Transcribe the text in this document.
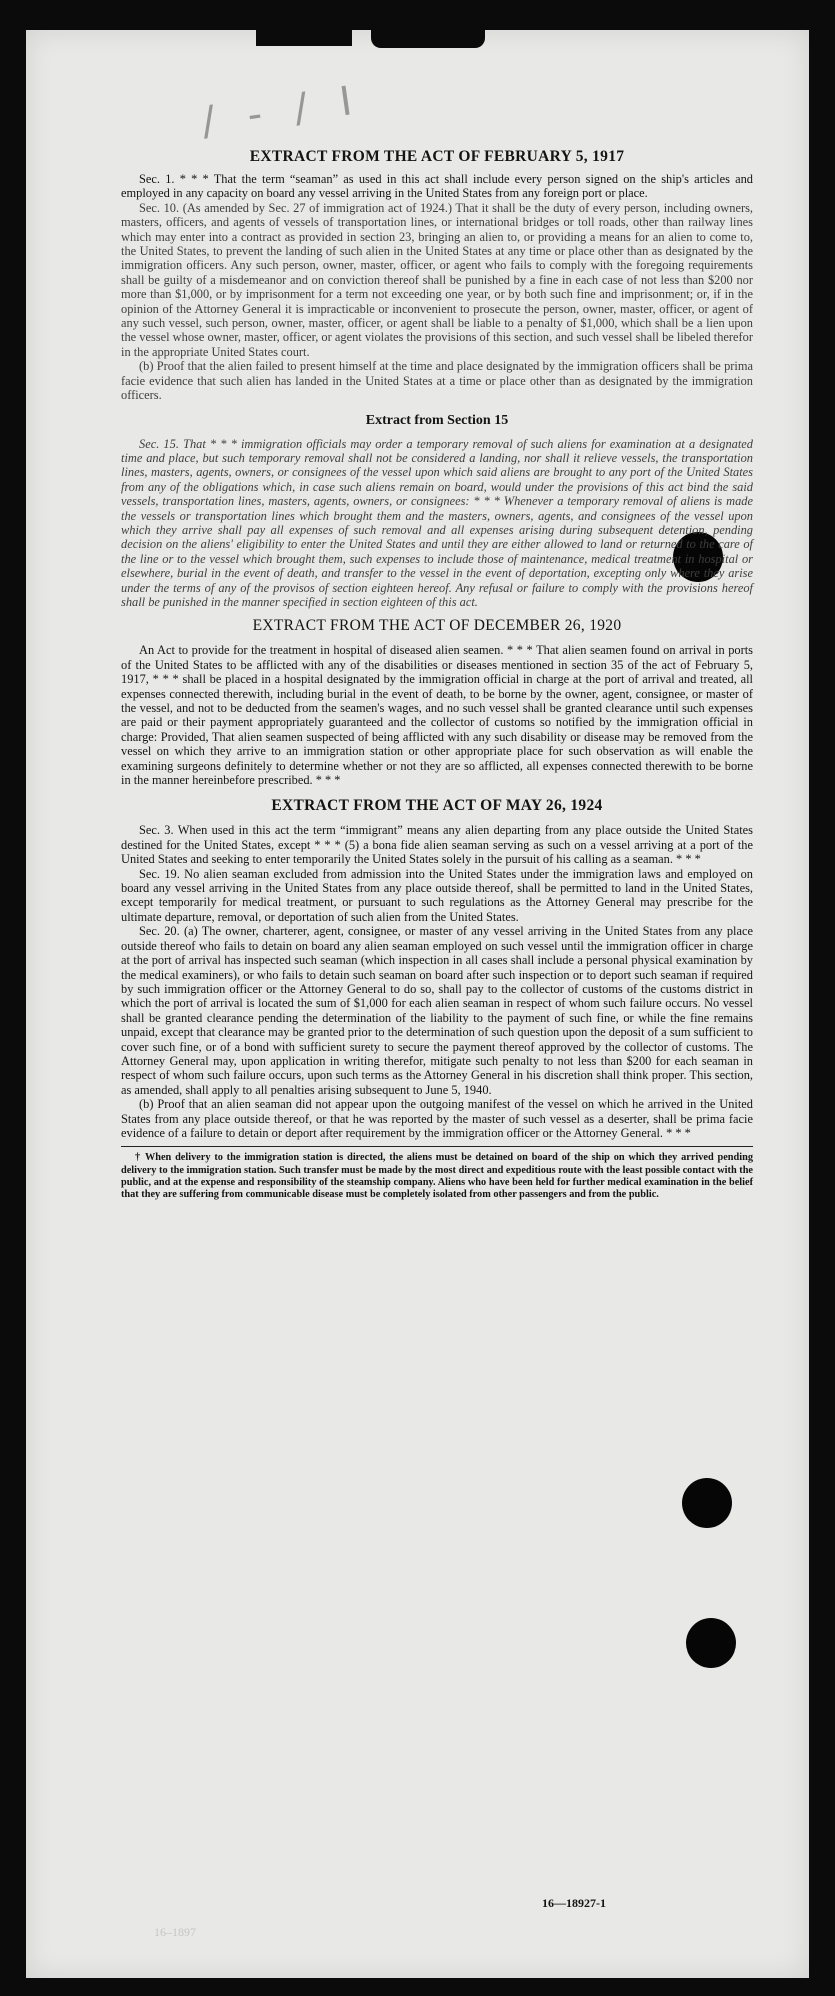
/ - / I
EXTRACT FROM THE ACT OF FEBRUARY 5, 1917

Sec. 1. * * * That the term “seaman” as used in this act shall include every person signed on the ship's articles and employed in any capacity on board any vessel arriving in the United States from any foreign port or place.

Sec. 10. (As amended by Sec. 27 of immigration act of 1924.) That it shall be the duty of every person, including owners, masters, officers, and agents of vessels of transportation lines, or international bridges or toll roads, other than railway lines which may enter into a contract as provided in section 23, bringing an alien to, or providing a means for an alien to come to, the United States, to prevent the landing of such alien in the United States at any time or place other than as designated by the immigration officers. Any such person, owner, master, officer, or agent who fails to comply with the foregoing requirements shall be guilty of a misdemeanor and on conviction thereof shall be punished by a fine in each case of not less than $200 nor more than $1,000, or by imprisonment for a term not exceeding one year, or by both such fine and imprisonment; or, if in the opinion of the Attorney General it is impracticable or inconvenient to prosecute the person, owner, master, officer, or agent of any such vessel, such person, owner, master, officer, or agent shall be liable to a penalty of $1,000, which shall be a lien upon the vessel whose owner, master, officer, or agent violates the provisions of this section, and such vessel shall be libeled therefor in the appropriate United States court.

(b) Proof that the alien failed to present himself at the time and place designated by the immigration officers shall be prima facie evidence that such alien has landed in the United States at a time or place other than as designated by the immigration officers.

Extract from Section 15

Sec. 15. That * * * immigration officials may order a temporary removal of such aliens for examination at a designated time and place, but such temporary removal shall not be considered a landing, nor shall it relieve vessels, the transportation lines, masters, agents, owners, or consignees of the vessel upon which said aliens are brought to any port of the United States from any of the obligations which, in case such aliens remain on board, would under the provisions of this act bind the said vessels, transportation lines, masters, agents, owners, or consignees: * * * Whenever a temporary removal of aliens is made the vessels or transportation lines which brought them and the masters, owners, agents, and consignees of the vessel upon which they arrive shall pay all expenses of such removal and all expenses arising during subsequent detention, pending decision on the aliens' eligibility to enter the United States and until they are either allowed to land or returned to the care of the line or to the vessel which brought them, such expenses to include those of maintenance, medical treatment in hospital or elsewhere, burial in the event of death, and transfer to the vessel in the event of deportation, excepting only where they arise under the terms of any of the provisos of section eighteen hereof. Any refusal or failure to comply with the provisions hereof shall be punished in the manner specified in section eighteen of this act.

EXTRACT FROM THE ACT OF DECEMBER 26, 1920

An Act to provide for the treatment in hospital of diseased alien seamen. * * * That alien seamen found on arrival in ports of the United States to be afflicted with any of the disabilities or diseases mentioned in section 35 of the act of February 5, 1917, * * * shall be placed in a hospital designated by the immigration official in charge at the port of arrival and treated, all expenses connected therewith, including burial in the event of death, to be borne by the owner, agent, consignee, or master of the vessel, and not to be deducted from the seamen's wages, and no such vessel shall be granted clearance until such expenses are paid or their payment appropriately guaranteed and the collector of customs so notified by the immigration official in charge: Provided, That alien seamen suspected of being afflicted with any such disability or disease may be removed from the vessel on which they arrive to an immigration station or other appropriate place for such observation as will enable the examining surgeons definitely to determine whether or not they are so afflicted, all expenses connected therewith to be borne in the manner hereinbefore prescribed. * * *

EXTRACT FROM THE ACT OF MAY 26, 1924

Sec. 3. When used in this act the term “immigrant” means any alien departing from any place outside the United States destined for the United States, except * * * (5) a bona fide alien seaman serving as such on a vessel arriving at a port of the United States and seeking to enter temporarily the United States solely in the pursuit of his calling as a seaman. * * *

Sec. 19. No alien seaman excluded from admission into the United States under the immigration laws and employed on board any vessel arriving in the United States from any place outside thereof, shall be permitted to land in the United States, except temporarily for medical treatment, or pursuant to such regulations as the Attorney General may prescribe for the ultimate departure, removal, or deportation of such alien from the United States.

Sec. 20. (a) The owner, charterer, agent, consignee, or master of any vessel arriving in the United States from any place outside thereof who fails to detain on board any alien seaman employed on such vessel until the immigration officer in charge at the port of arrival has inspected such seaman (which inspection in all cases shall include a personal physical examination by the medical examiners), or who fails to detain such seaman on board after such inspection or to deport such seaman if required by such immigration officer or the Attorney General to do so, shall pay to the collector of customs of the customs district in which the port of arrival is located the sum of $1,000 for each alien seaman in respect of whom such failure occurs. No vessel shall be granted clearance pending the determination of the liability to the payment of such fine, or while the fine remains unpaid, except that clearance may be granted prior to the determination of such question upon the deposit of a sum sufficient to cover such fine, or of a bond with sufficient surety to secure the payment thereof approved by the collector of customs. The Attorney General may, upon application in writing therefor, mitigate such penalty to not less than $200 for each seaman in respect of whom such failure occurs, upon such terms as the Attorney General in his discretion shall think proper. This section, as amended, shall apply to all penalties arising subsequent to June 5, 1940.

(b) Proof that an alien seaman did not appear upon the outgoing manifest of the vessel on which he arrived in the United States from any place outside thereof, or that he was reported by the master of such vessel as a deserter, shall be prima facie evidence of a failure to detain or deport after requirement by the immigration officer or the Attorney General. * * *

† When delivery to the immigration station is directed, the aliens must be detained on board of the ship on which they arrived pending delivery to the immigration station. Such transfer must be made by the most direct and expeditious route with the least possible contact with the public, and at the expense and responsibility of the steamship company. Aliens who have been held for further medical examination in the belief that they are suffering from communicable disease must be completely isolated from other passengers and from the public.

16—18927-1
16–1897
